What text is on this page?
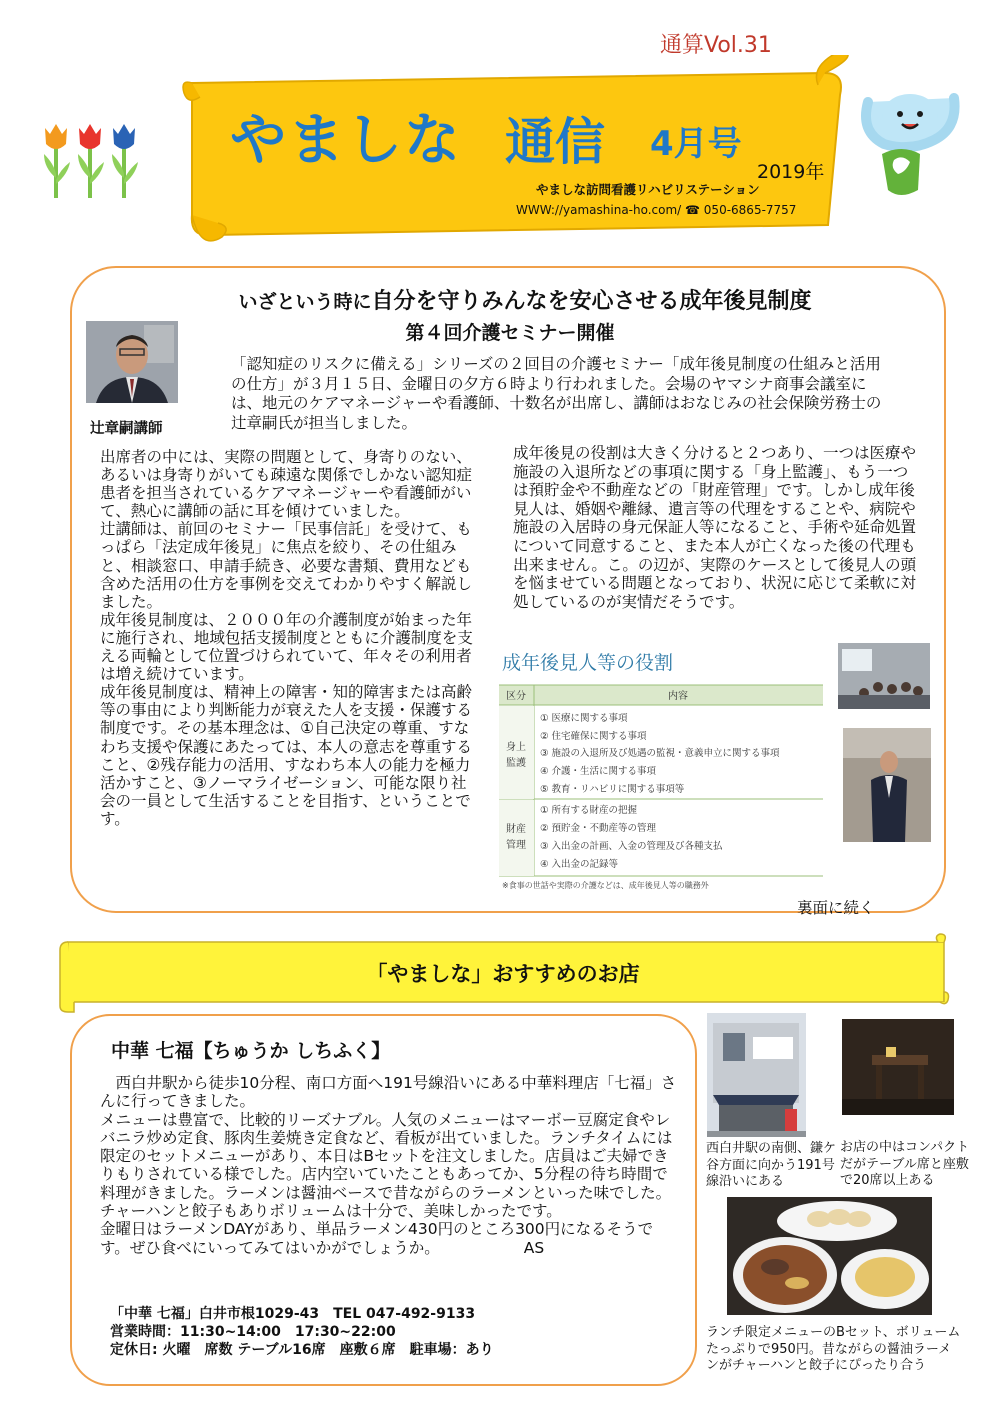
通算Vol.31
やましな 通信 4月号
2019年
やましな訪問看護リハビリステーション
WWW://yamashina-ho.com/ ☎ 050-6865-7757
いざという時に自分を守りみんなを安心させる成年後見制度
第４回介護セミナー開催
辻章嗣講師
「認知症のリスクに備える」シリーズの２回目の介護セミナー「成年後見制度の仕組みと活用の仕方」が３月１５日、金曜日の夕方６時より行われました。会場のヤマシナ商事会議室には、地元のケアマネージャーや看護師、十数名が出席し、講師はおなじみの社会保険労務士の辻章嗣氏が担当しました。

出席者の中には、実際の問題として、身寄りのない、あるいは身寄りがいても疎遠な関係でしかない認知症患者を担当されているケアマネージャーや看護師がいて、熱心に講師の話に耳を傾けていました。

辻講師は、前回のセミナー「民事信託」を受けて、もっぱら「法定成年後見」に焦点を絞り、その仕組みと、相談窓口、申請手続き、必要な書類、費用なども含めた活用の仕方を事例を交えてわかりやすく解説しました。

成年後見制度は、２０００年の介護制度が始まった年に施行され、地域包括支援制度とともに介護制度を支える両輪として位置づけられていて、年々その利用者は増え続けています。

成年後見制度は、精神上の障害・知的障害または高齢等の事由により判断能力が衰えた人を支援・保護する制度です。その基本理念は、①自己決定の尊重、すなわち支援や保護にあたっては、本人の意志を尊重すること、②残存能力の活用、すなわち本人の能力を極力活かすこと、③ノーマライゼーション、可能な限り社会の一員として生活することを目指す、ということです。

成年後見の役割は大きく分けると２つあり、一つは医療や施設の入退所などの事項に関する「身上監護」、もう一つは預貯金や不動産などの「財産管理」です。しかし成年後見人は、婚姻や離縁、遺言等の代理をすることや、病院や施設の入居時の身元保証人等になること、手術や延命処置について同意すること、また本人が亡くなった後の代理も出来ません。こ。の辺が、実際のケースとして後見人の頭を悩ませている問題となっており、状況に応じて柔軟に対処しているのが実情だそうです。
成年後見人等の役割
区分	内容
身上監護
財産管理
① 医療に関する事項
② 住宅確保に関する事項
③ 施設の入退所及び処遇の監視・意義申立に関する事項
④ 介護・生活に関する事項
⑤ 教育・リハビリに関する事項等
① 所有する財産の把握
② 預貯金・不動産等の管理
③ 入出金の計画、入金の管理及び各種支払
④ 入出金の記録等
※食事の世話や実際の介護などは、成年後見人等の職務外
裏面に続く
「やましな」おすすめのお店
中華 七福【ちゅうか しちふく】
　西白井駅から徒歩10分程、南口方面へ191号線沿いにある中華料理店「七福」さんに行ってきました。
メニューは豊富で、比較的リーズナブル。人気のメニューはマーボー豆腐定食やレバニラ炒め定食、豚肉生姜焼き定食など、看板が出ていました。ランチタイムには限定のセットメニューがあり、本日はBセットを注文しました。店員はご夫婦できりもりされている様でした。店内空いていたこともあってか、5分程の待ち時間で料理がきました。ラーメンは醤油ベースで昔ながらのラーメンといった味でした。チャーハンと餃子もありボリュームは十分で、美味しかったです。
金曜日はラーメンDAYがあり、単品ラーメン430円のところ300円になるそうです。ぜひ食べにいってみてはいかがでしょうか。	AS
「中華 七福」白井市根1029-43　TEL 047-492-9133
営業時間：11:30~14:00　17:30~22:00
定休日: 火曜　席数 テーブル16席　座敷６席　駐車場：あり
西白井駅の南側、鎌ケ谷方面に向かう191号線沿いにある
お店の中はコンパクトだがテーブル席と座敷で20席以上ある
ランチ限定メニューのBセット、ボリュームたっぷりで950円。昔ながらの醤油ラーメンがチャーハンと餃子にぴったり合う
